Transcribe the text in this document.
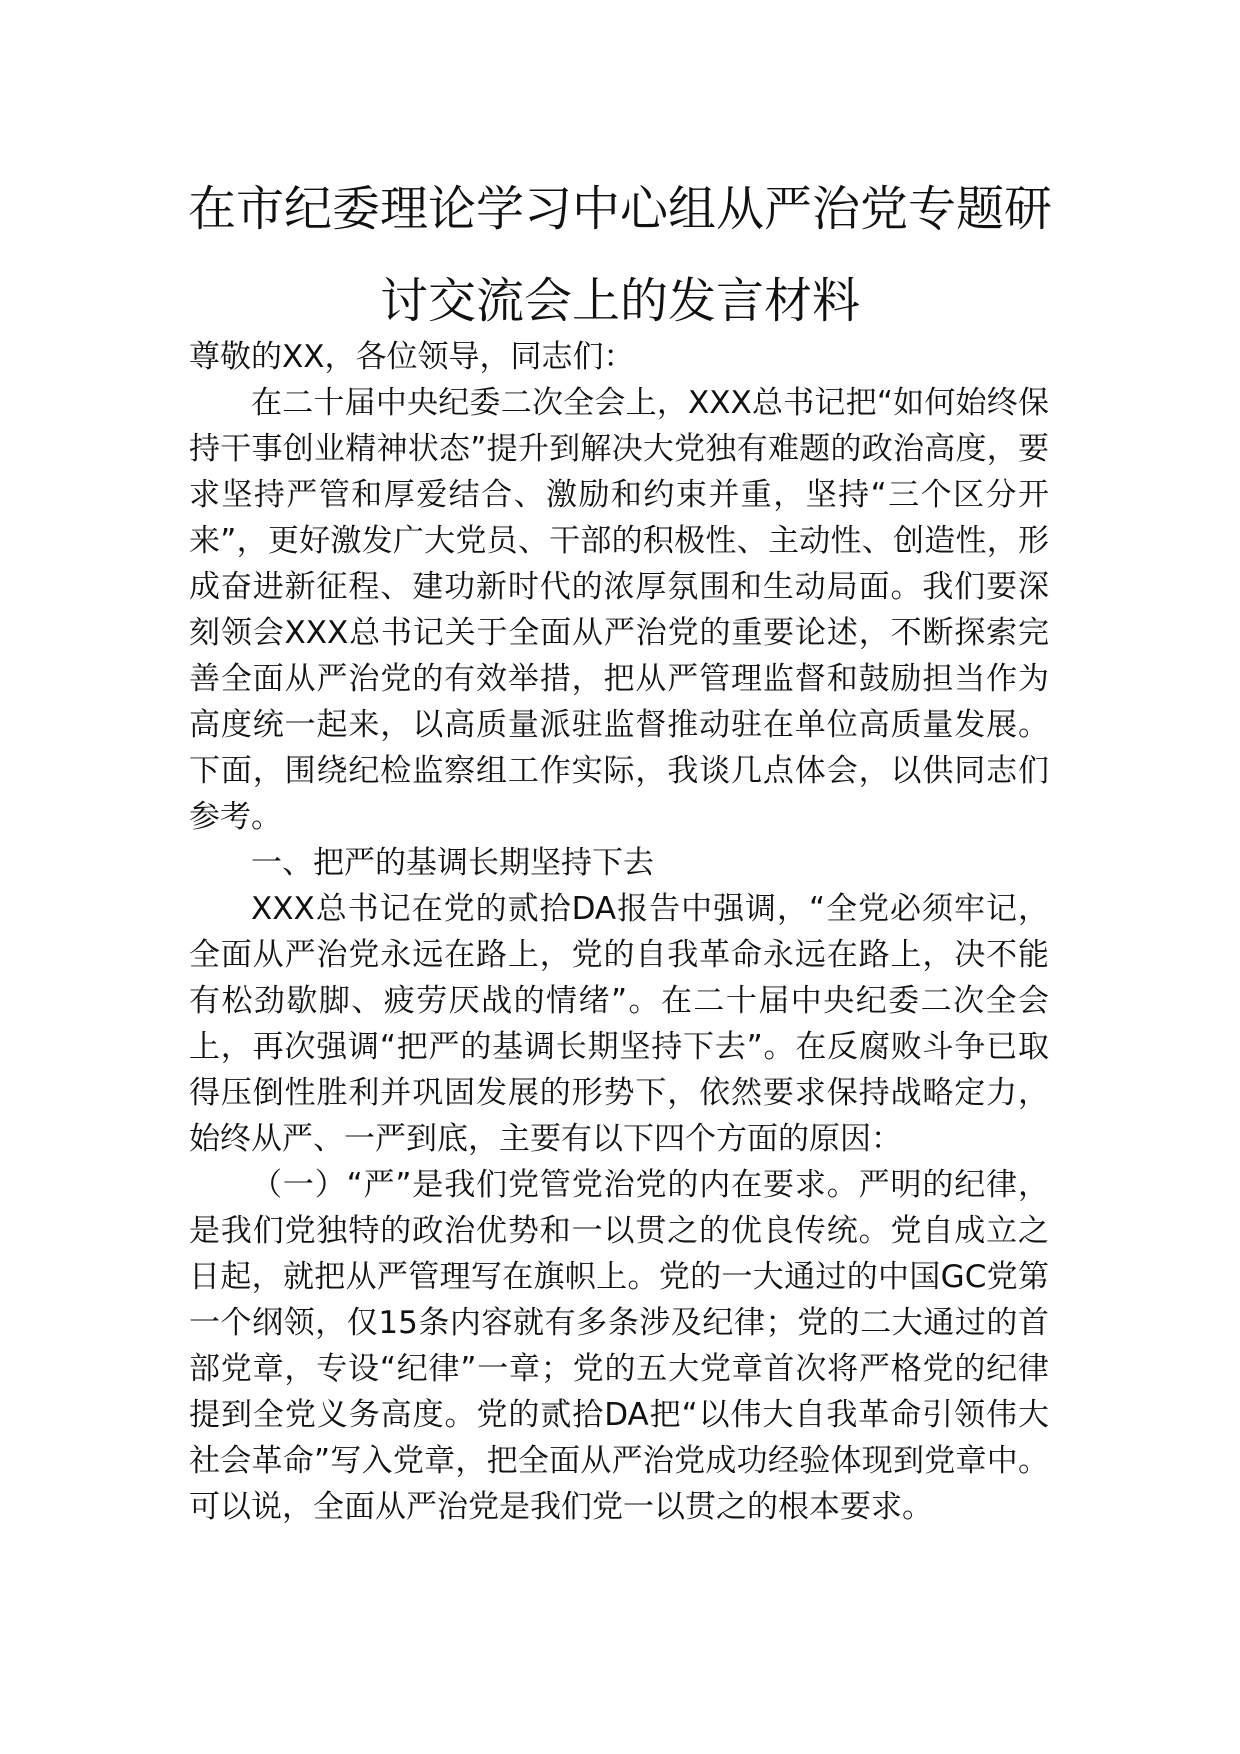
在市纪委理论学习中心组从严治党专题研
讨交流会上的发言材料

尊敬的XX，各位领导，同志们：

在二十届中央纪委二次全会上，XXX总书记把“如何始终保持干事创业精神状态”提升到解决大党独有难题的政治高度，要求坚持严管和厚爱结合、激励和约束并重，坚持“三个区分开来”，更好激发广大党员、干部的积极性、主动性、创造性，形成奋进新征程、建功新时代的浓厚氛围和生动局面。我们要深刻领会XXX总书记关于全面从严治党的重要论述，不断探索完善全面从严治党的有效举措，把从严管理监督和鼓励担当作为高度统一起来，以高质量派驻监督推动驻在单位高质量发展。下面，围绕纪检监察组工作实际，我谈几点体会，以供同志们参考。

一、把严的基调长期坚持下去

XXX总书记在党的贰拾DA报告中强调，“全党必须牢记，全面从严治党永远在路上，党的自我革命永远在路上，决不能有松劲歇脚、疲劳厌战的情绪”。在二十届中央纪委二次全会上，再次强调“把严的基调长期坚持下去”。在反腐败斗争已取得压倒性胜利并巩固发展的形势下，依然要求保持战略定力，始终从严、一严到底，主要有以下四个方面的原因：

（一）“严”是我们党管党治党的内在要求。严明的纪律，是我们党独特的政治优势和一以贯之的优良传统。党自成立之日起，就把从严管理写在旗帜上。党的一大通过的中国GC党第一个纲领，仅15条内容就有多条涉及纪律；党的二大通过的首部党章，专设“纪律”一章；党的五大党章首次将严格党的纪律提到全党义务高度。党的贰拾DA把“以伟大自我革命引领伟大社会革命”写入党章，把全面从严治党成功经验体现到党章中。可以说，全面从严治党是我们党一以贯之的根本要求。
